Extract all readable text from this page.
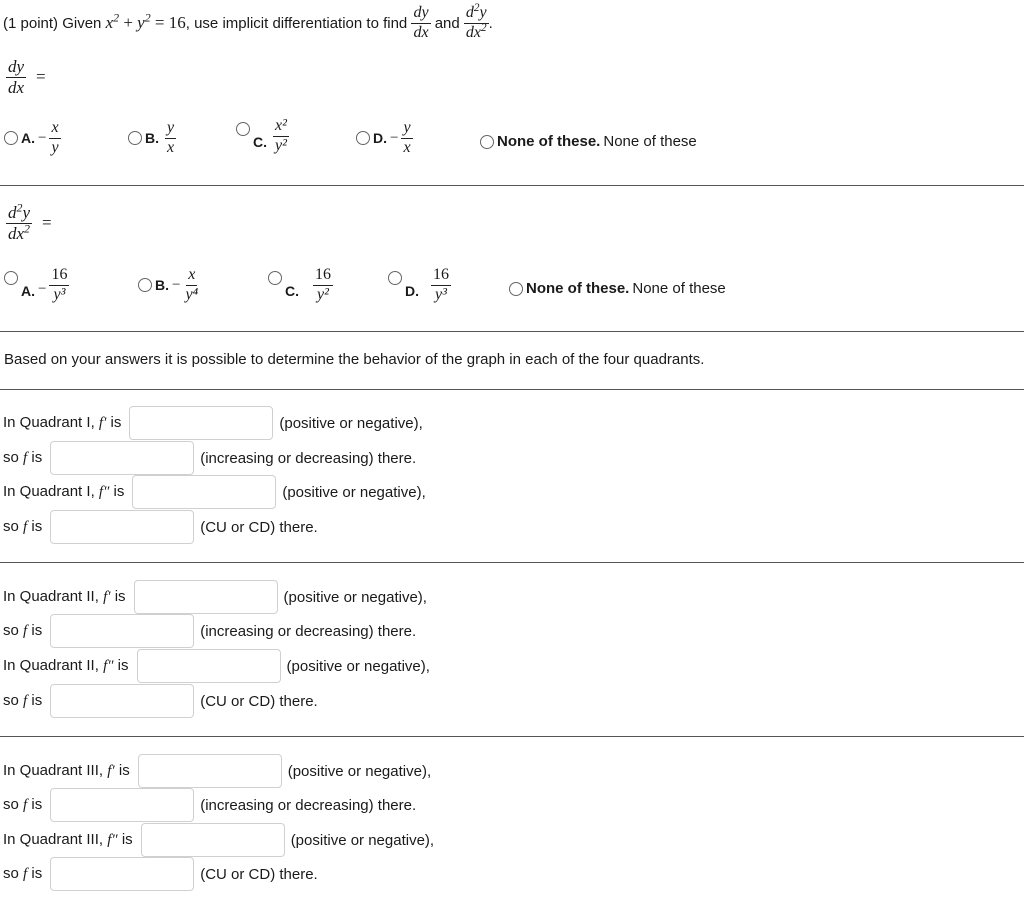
(1 point)
Given
$x^2 + y^2 = 16$ , use implicit differentiation to find
$\frac{dy}{dx}$
and
$\frac{d^2y}{dx^2}$ .
$\frac{dy}{dx}$ =
A. − $\frac{x}{y}$	B. $\frac{y}{x}$	C. $\frac{\text{x²}}{\text{y²}}$	D. − $\frac{y}{x}$	None of these. None of these
$\frac{d^2y}{dx^2}$ =
A. − $\frac{16}{\text{y³}}$	B. − $\frac{x}{\text{y⁴}}$	C. $\frac{16}{\text{y²}}$	D. $\frac{16}{\text{y³}}$	None of these. None of these
Based on your answers it is possible to determine the behavior of the graph in each of the four quadrants.
In Quadrant I, f′ is	(positive or negative),
so f is	(increasing or decreasing) there.
In Quadrant I, f″ is	(positive or negative),
so f is	(CU or CD) there.
In Quadrant II, f′ is	(positive or negative),
so f is	(increasing or decreasing) there.
In Quadrant II, f″ is	(positive or negative),
so f is	(CU or CD) there.
In Quadrant III, f′ is	(positive or negative),
so f is	(increasing or decreasing) there.
In Quadrant III, f″ is	(positive or negative),
so f is	(CU or CD) there.
